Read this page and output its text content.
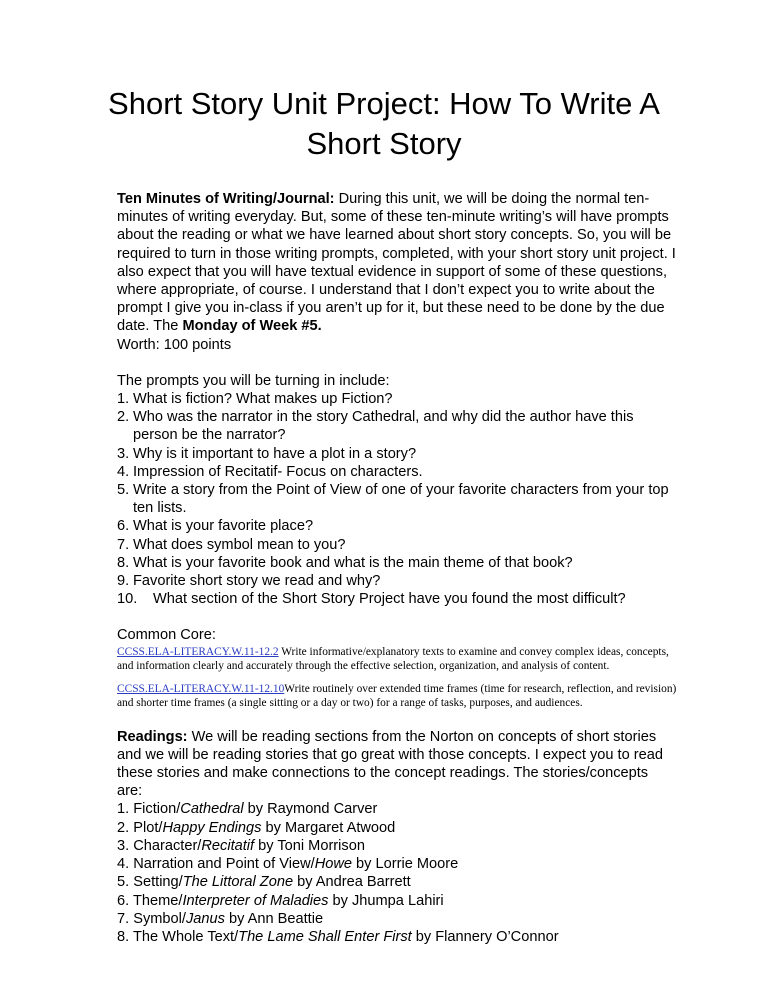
Short Story Unit Project: How To Write A Short Story

Ten Minutes of Writing/Journal: During this unit, we will be doing the normal ten-minutes of writing everyday. But, some of these ten-minute writing’s will have prompts about the reading or what we have learned about short story concepts. So, you will be required to turn in those writing prompts, completed, with your short story unit project. I also expect that you will have textual evidence in support of some of these questions, where appropriate, of course. I understand that I don’t expect you to write about the prompt I give you in-class if you aren’t up for it, but these need to be done by the due date. The Monday of Week #5.

Worth: 100 points

The prompts you will be turning in include:

1. What is fiction? What makes up Fiction?
2. Who was the narrator in the story Cathedral, and why did the author have this person be the narrator?
3. Why is it important to have a plot in a story?
4. Impression of Recitatif- Focus on characters.
5. Write a story from the Point of View of one of your favorite characters from your top ten lists.
6. What is your favorite place?
7. What does symbol mean to you?
8. What is your favorite book and what is the main theme of that book?
9. Favorite short story we read and why?
10. What section of the Short Story Project have you found the most difficult?

Common Core:

CCSS.ELA-LITERACY.W.11-12.2 Write informative/explanatory texts to examine and convey complex ideas, concepts, and information clearly and accurately through the effective selection, organization, and analysis of content.

CCSS.ELA-LITERACY.W.11-12.10Write routinely over extended time frames (time for research, reflection, and revision) and shorter time frames (a single sitting or a day or two) for a range of tasks, purposes, and audiences.

Readings: We will be reading sections from the Norton on concepts of short stories and we will be reading stories that go great with those concepts. I expect you to read these stories and make connections to the concept readings. The stories/concepts are:

1. Fiction/Cathedral by Raymond Carver
2. Plot/Happy Endings by Margaret Atwood
3. Character/Recitatif by Toni Morrison
4. Narration and Point of View/Howe by Lorrie Moore
5. Setting/The Littoral Zone by Andrea Barrett
6. Theme/Interpreter of Maladies by Jhumpa Lahiri
7. Symbol/Janus by Ann Beattie
8. The Whole Text/The Lame Shall Enter First by Flannery O’Connor
